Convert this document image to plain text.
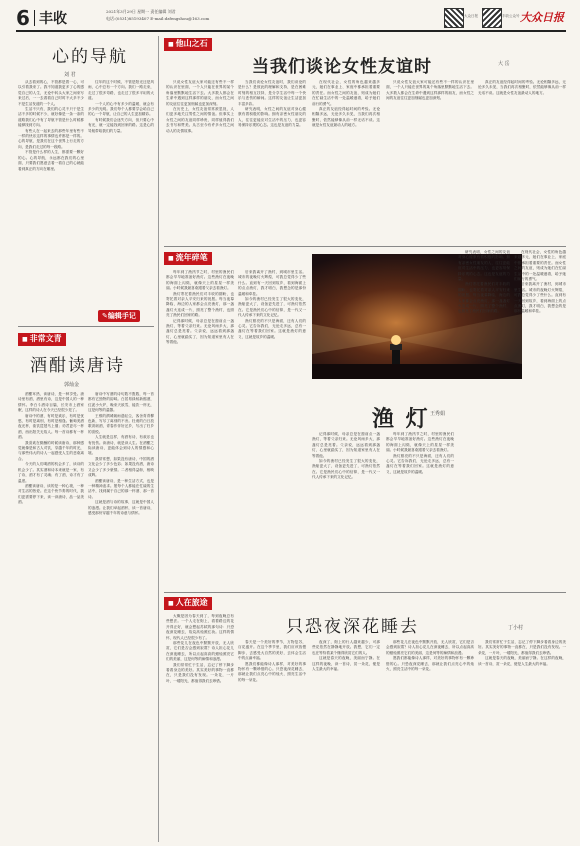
6 丰收	2021年3月29日 星期一 责任编辑 刘君
电话:(0531)85193407 E-mail:dzfengshou@163.com	大众日报	丰收公众号 大众日报
心的导航
刘 君

从去看到的心，不管都是着一心，可以引着我来了。我不知道我更多了心的感觉自己的人生，无论中转头大家之间来写来过后，一一去看看自己时时不大多不少不是生活发道的一个人。

生活不只有，我们的心灵不只于是生活不多的时候不少，就好像是一条一条的道路我们心中有了导航不管是什么时候都能够找到方向。

有些人在一起来去的那些年里有些不一样的快乐这样的事情也许都是一样的。心的导航，是我们在这个世界上行走的方向，是我们走过的每一段路。

不管是什么样的人生，都需要一颗好的心。心的导航，永远都在我们的心里面，只要我们愿意去看一看自己的心就能看到真正的方向在哪里。

往年的这个时候，不管是阳光还是风雨，心中总有一个方向。我们一路走来，走过了很多弯路，也走过了很多平坦的大道。

一个人的心中有多少的温暖，就会有多少的光明。我们每个人都要学会给自己的心一个导航，让自己的人生更加精彩。

有时候我们会迷失方向，但只要心中有光，就一定能找到回家的路。这是心的导航带给我们的力量。

✎编辑手记
■ 非常文青
酒酣读唐诗
郭灿金

酒酣耳热，读唐诗，是一种享受。唐诗里有酒，酒里有诗，这是中国人的一种情怀。李白斗酒诗百篇，长安市上酒家眠，这样的诗人在今天已经很少见了。

唐诗中的酒，有时是欢乐，有时是忧愁，有时是离别，有时是相逢。葡萄美酒夜光杯，欲饮琵琶马上催；劝君更尽一杯酒，西出阳关无故人。每一首诗都有一杯酒。

我喜欢在微醺的时候读唐诗，那种感觉就像是和古人对饮，穿越千年的时光，与那些伟大的诗人一起感受人生的悲欢离合。

今天的人们喝酒的机会多了，读诗的机会少了。其实酒和诗本来就是一家，有了诗，酒才有了灵魂；有了酒，诗才有了温度。

酒酣读唐诗，读的是一种心境，一种对生活的热爱。在这个快节奏的时代，我们更需要停下来，读一读唐诗，品一品美酒。

唐诗中写酒的诗句数不胜数，每一首都有它独特的韵味。白居易绿蚁新醅酒，红泥小火炉，晚来天欲雪，能饮一杯无，这是何等的温馨。

王维的渭城朝雨浥轻尘，客舍青青柳色新，写尽了离别的不舍。杜甫的白日放歌须纵酒，青春作伴好还乡，写出了归乡的喜悦。

人生就是这样，有酒有诗，有欢乐也有忧伤。读唐诗，就是读人生。在酒酣之际读唐诗，更能体会到诗人的情感和心境。

我常常想，如果没有唐诗，中国的酒文化会少了多少色彩；如果没有酒，唐诗又会少了多少豪情。二者相得益彰，相映成辉。

酒酣读唐诗，是一种生活方式，也是一种精神追求。愿每个人都能在忙碌的生活中，找到属于自己的那一杯酒、那一首诗。

这就是酒与诗的故事，这就是中国人的浪漫。让我们举起酒杯，读一首唐诗，感受那份穿越千年的诗意与情怀。

■ 他山之石
当我们谈论女性友谊时	大 岳

只说女性友谊大家可能还有些不一样的认识在里面，一个人只能在世界的某个角落里默默地生活下去。大多数人都会在生命中遇到这样那样的朋友，而女性之间的友谊往往更加细腻也更加深刻。

在历史上，女性友谊常常被忽视，人们更多地关注男性之间的情谊。但事实上女性之间的友谊同样珍贵，同样值得我们去书写和赞美。从古至今有许多女性之间动人的友情故事。

当我们谈论女性友谊时，我们谈论的是什么？是彼此的理解和支持，是在困难时刻的相互扶持，是分享生活中每一个快乐与悲伤的瞬间。这样的友谊让生活更加丰富多彩。

研究表明，女性之间的友谊对身心健康有着积极的影响。拥有亲密女性朋友的人，往往更能应对生活中的压力，也更容易保持乐观的心态。这也是友谊的力量。

在现代社会，女性的角色越来越多元，她们在事业上、家庭中都承担着重要的责任。而女性之间的友谊，则成为她们在忙碌生活中的一处温暖港湾，给予她们前行的勇气。

真正的友谊经得起时间的考验。无论相隔多远，无论多久未见，当我们再次相聚时，依然能够像从前一样无话不谈。这就是女性友谊最动人的地方。

只说女性友谊大家可能还有些不一样的认识在里面，一个人只能在世界的某个角落里默默地生活下去。大多数人都会在生命中遇到这样那样的朋友，而女性之间的友谊往往更加细腻也更加深刻。

真正的友谊经得起时间的考验。无论相隔多远，无论多久未见，当我们再次相聚时，依然能够像从前一样无话不谈。这就是女性友谊最动人的地方。

■ 流年碎笔

每年到了渔汛节之时，村里的渔民们都会早早地准备好渔灯。这些渔灯在夜晚的海面上闪烁，就像天上的星星一样美丽。小时候我最喜欢跟着父亲去看渔灯。

渔灯寄托着渔民们对丰收的期盼，也寄托着对亲人平安归来的祝愿。每当夜幕降临，海边的人家都会点亮渔灯，那一盏盏灯火连成一片，照亮了整个渔村，也照亮了渔民们回家的路。

记得那时候，母亲总是在窗前点一盏渔灯，等着父亲归来。无论风雨多大，那盏灯总是亮着。父亲说，远远看到那盏灯，心里就踏实了，因为知道家里有人在等着他。

后来我离开了渔村，到城市里生活。城市的夜晚灯火辉煌，可我总觉得少了些什么。直到有一天回到故乡，看到海面上的点点渔灯，我才明白，我想念的是那份温暖和牵挂。

如今的渔村已经发生了很大的变化，渔船更大了，设备更先进了，可渔灯依然在。它是渔民们心中的信仰，是一代又一代人传承下来的文化记忆。

渔灯照亮的不只是海面，还有人们的心灵。它告诉我们，无论走多远，总有一盏灯在等着我们回家。这就是渔灯的意义，这就是故乡的温暖。

渔 灯 王秀娟

记得那时候，母亲总是在窗前点一盏渔灯，等着父亲归来。无论风雨多大，那盏灯总是亮着。父亲说，远远看到那盏灯，心里就踏实了，因为知道家里有人在等着他。

如今的渔村已经发生了很大的变化，渔船更大了，设备更先进了，可渔灯依然在。它是渔民们心中的信仰，是一代又一代人传承下来的文化记忆。

每年到了渔汛节之时，村里的渔民们都会早早地准备好渔灯。这些渔灯在夜晚的海面上闪烁，就像天上的星星一样美丽。小时候我最喜欢跟着父亲去看渔灯。

渔灯照亮的不只是海面，还有人们的心灵。它告诉我们，无论走多远，总有一盏灯在等着我们回家。这就是渔灯的意义，这就是故乡的温暖。

研究表明，女性之间的友谊对身心健康有着积极的影响。拥有亲密女性朋友的人，往往更能应对生活中的压力，也更容易保持乐观的心态。这也是友谊的力量。

渔灯寄托着渔民们对丰收的期盼，也寄托着对亲人平安归来的祝愿。每当夜幕降临，海边的人家都会点亮渔灯，那一盏盏灯火连成一片，照亮了整个渔村，也照亮了渔民们回家的路。

在现代社会，女性的角色越来越多元，她们在事业上、家庭中都承担着重要的责任。而女性之间的友谊，则成为她们在忙碌生活中的一处温暖港湾，给予她们前行的勇气。

后来我离开了渔村，到城市里生活。城市的夜晚灯火辉煌，可我总觉得少了些什么。直到有一天回到故乡，看到海面上的点点渔灯，我才明白，我想念的是那份温暖和牵挂。

■ 人在旅途
只恐夜深花睡去	丁小村

大概是因为春天到了，每到夜晚总有些想法。一个人走在街上，看着路边的花开得正好，就会想起苏轼的那句诗：只恐夜深花睡去，故烧高烛照红妆。这样的情怀，现代人已经很少有了。

那些花儿在夜色中默默开放，无人欣赏，它们是否会感到寂寞？诗人担心花儿在深夜睡去，所以点起高高的蜡烛照亮它们的美丽，这是何等的痴情和浪漫。

我们常常忙于生活，忘记了停下脚步看看身边的美好。其实美好的事物一直都在，只是我们没有发现。一朵花，一片叶，一缕阳光，都值得我们去珍惜。

春天是一个美好的季节，万物复苏，百花盛开。在这个季节里，我们应该放慢脚步，去感受大自然的美好，去体会生活中的点滴幸福。

愿我们都能像诗人那样，对美好的事物怀有一颗珍惜的心。只恐夜深花睡去，那就让我们点亮心中的烛火，照亮生活中的每一朵花。

夜深了，街上的行人越来越少，可那些花依然在静静地开放。我想，它们一定也在等待着某个懂得欣赏它们的人。

这就是春天的夜晚，美丽而宁静。在这样的夜晚，读一首诗，赏一朵花，便是人生最大的幸福。

那些花儿在夜色中默默开放，无人欣赏，它们是否会感到寂寞？诗人担心花儿在深夜睡去，所以点起高高的蜡烛照亮它们的美丽，这是何等的痴情和浪漫。

愿我们都能像诗人那样，对美好的事物怀有一颗珍惜的心。只恐夜深花睡去，那就让我们点亮心中的烛火，照亮生活中的每一朵花。

我们常常忙于生活，忘记了停下脚步看看身边的美好。其实美好的事物一直都在，只是我们没有发现。一朵花，一片叶，一缕阳光，都值得我们去珍惜。

这就是春天的夜晚，美丽而宁静。在这样的夜晚，读一首诗，赏一朵花，便是人生最大的幸福。
